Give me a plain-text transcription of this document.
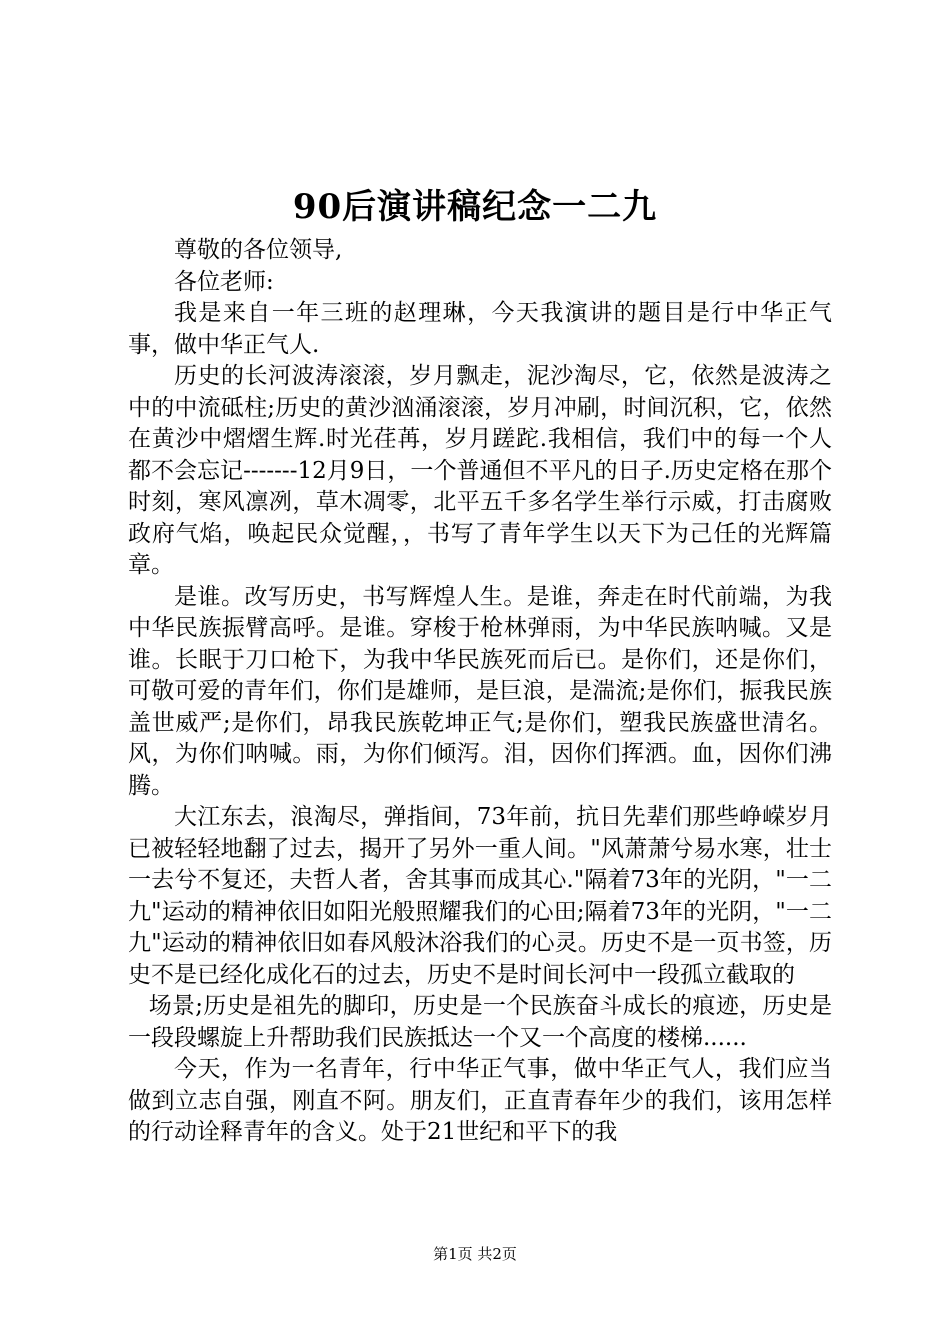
90后演讲稿纪念一二九

尊敬的各位领导,

各位老师:

我是来自一年三班的赵理琳，今天我演讲的题目是行中华正气事，做中华正气人.

历史的长河波涛滚滚，岁月飘走，泥沙淘尽，它，依然是波涛之中的中流砥柱;历史的黄沙汹涌滚滚，岁月冲刷，时间沉积，它，依然在黄沙中熠熠生辉.时光荏苒，岁月蹉跎.我相信，我们中的每一个人都不会忘记-------12月9日，一个普通但不平凡的日子.历史定格在那个时刻，寒风凛冽，草木凋零，北平五千多名学生举行示威，打击腐败政府气焰，唤起民众觉醒，，书写了青年学生以天下为己任的光辉篇章。

是谁。改写历史，书写辉煌人生。是谁，奔走在时代前端，为我中华民族振臂高呼。是谁。穿梭于枪林弹雨，为中华民族呐喊。又是谁。长眠于刀口枪下，为我中华民族死而后已。是你们，还是你们，可敬可爱的青年们，你们是雄师，是巨浪，是湍流;是你们，振我民族盖世威严;是你们，昂我民族乾坤正气;是你们，塑我民族盛世清名。风，为你们呐喊。雨，为你们倾泻。泪，因你们挥洒。血，因你们沸腾。

大江东去，浪淘尽，弹指间，73年前，抗日先辈们那些峥嵘岁月已被轻轻地翻了过去，揭开了另外一重人间。"风萧萧兮易水寒，壮士一去兮不复还，夫哲人者，舍其事而成其心."隔着73年的光阴，"一二九"运动的精神依旧如阳光般照耀我们的心田;隔着73年的光阴，"一二九"运动的精神依旧如春风般沐浴我们的心灵。历史不是一页书签，历史不是已经化成化石的过去，历史不是时间长河中一段孤立截取的

场景;历史是祖先的脚印，历史是一个民族奋斗成长的痕迹，历史是一段段螺旋上升帮助我们民族抵达一个又一个高度的楼梯......

今天，作为一名青年，行中华正气事，做中华正气人，我们应当做到立志自强，刚直不阿。朋友们，正直青春年少的我们，该用怎样的行动诠释青年的含义。处于21世纪和平下的我

第1页 共2页
